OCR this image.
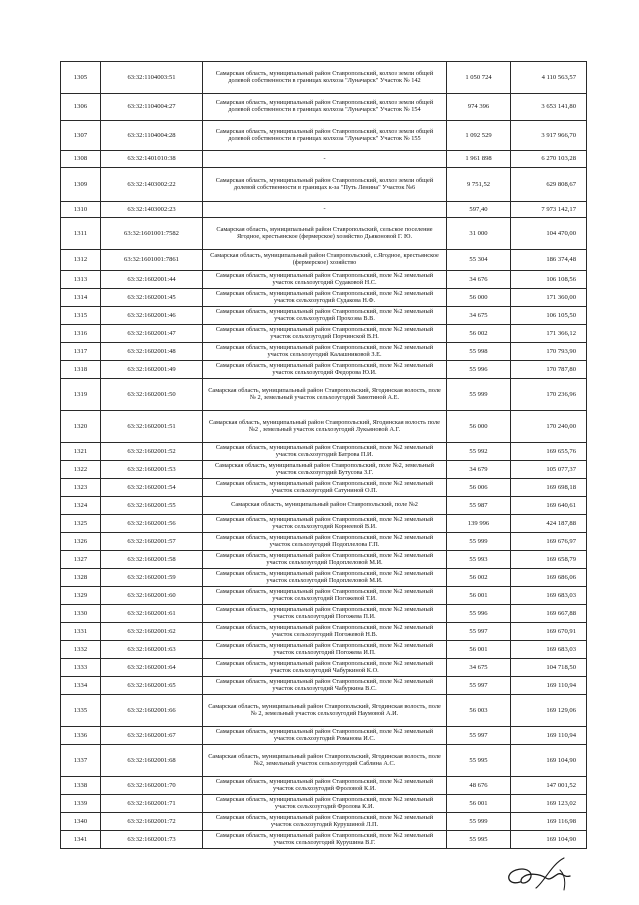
1305	63:32:1104003:51	Самарская область, муниципальный район Ставропольский, колхоз земли общей долевой собственности в границах колхоза "Луначарск" Участок № 142	1 050 724	4 110 563,57
1306	63:32:1104004:27	Самарская область, муниципальный район Ставропольский, колхоз земли общей долевой собственности в границах колхоза "Луначарск" Участок № 154	974 396	3 653 141,80
1307	63:32:1104004:28	Самарская область, муниципальный район Ставропольский, колхоз земли общей долевой собственности в границах колхоза "Луначарск" Участок № 155	1 092 529	3 917 966,70
1308	63:32:1401010:38	-	1 961 898	6 270 103,28
1309	63:32:1403002:22	Самарская область, муниципальный район Ставропольский, колхоз земли общей долевой собственности в границах к-за "Путь Ленина" Участок №6	9 751,52	629 808,67
1310	63:32:1403002:23	-	597,40	7 973 142,17
1311	63:32:1601001:7582	Самарская область, муниципальный район Ставропольский, сельское поселение Ягодное, крестьянское (фермерское) хозяйство Дьяконовой Г. Ю.	31 000	104 470,00
1312	63:32:1601001:7861	Самарская область, муниципальный район Ставропольский, с.Ягодное, крестьянское (фермерское) хозяйство	55 304	186 374,48
1313	63:32:1602001:44	Самарская область, муниципальный район Ставропольский, поле №2 земельный участок сельхозугодий Судаковой Н.С.	34 676	106 108,56
1314	63:32:1602001:45	Самарская область, муниципальный район Ставропольский, поле №2 земельный участок сельхозугодий Судакова Н.Ф.	56 000	171 360,00
1315	63:32:1602001:46	Самарская область, муниципальный район Ставропольский, поле №2 земельный участок сельхозугодий Прохоэва В.В.	34 675	106 105,50
1316	63:32:1602001:47	Самарская область, муниципальный район Ставропольский, поле №2 земельный участок сельхозугодий Порчинской В.Н.	56 002	171 366,12
1317	63:32:1602001:48	Самарская область, муниципальный район Ставропольский, поле №2 земельный участок сельхозугодий Калашниковой З.Е.	55 998	170 793,90
1318	63:32:1602001:49	Самарская область, муниципальный район Ставропольский, поле №2 земельный участок сельхозугодий Федорова Ю.И.	55 996	170 787,80
1319	63:32:1602001:50	Самарская область, муниципальный район Ставропольский, Ягодинская волость, поле № 2, земельный участок сельхозугодий Замотиной А.Е.	55 999	170 236,96
1320	63:32:1602001:51	Самарская область, муниципальный район Ставропольский, Ягодинская волость поле №2 , земельный участок сельхозугодий Лукьяновой А.Г.	56 000	170 240,00
1321	63:32:1602001:52	Самарская область, муниципальный район Ставропольский, поле №2 земельный участок сельхозугодий Батрова П.И.	55 992	169 655,76
1322	63:32:1602001:53	Самарская область, муниципальный район Ставропольский, поле №2, земельный участок сельхозугодий Бутусова З.Г.	34 679	105 077,37
1323	63:32:1602001:54	Самарская область, муниципальный район Ставропольский, поле №2 земельный участок сельхозугодий Сатуниной О.П.	56 006	169 698,18
1324	63:32:1602001:55	Самарская область, муниципальный район Ставропольский, поле №2	55 987	169 640,61
1325	63:32:1602001:56	Самарская область, муниципальный район Ставропольский, поле №2 земельный участок сельхозугодий Корнеевой В.И.	139 996	424 187,88
1326	63:32:1602001:57	Самарская область, муниципальный район Ставропольский, поле №2 земельный участок сельхозугодий Подоплелова Г.П.	55 999	169 676,97
1327	63:32:1602001:58	Самарская область, муниципальный район Ставропольский, поле №2 земельный участок сельхозугодий Подоплеловой М.И.	55 993	169 658,79
1328	63:32:1602001:59	Самарская область, муниципальный район Ставропольский, поле №2 земельный участок сельхозугодий Подоплеловой М.И.	56 002	169 686,06
1329	63:32:1602001:60	Самарская область, муниципальный район Ставропольский, поле №2 земельный участок сельхозугодий Погожевой Т.И.	56 001	169 683,03
1330	63:32:1602001:61	Самарская область, муниципальный район Ставропольский, поле №2 земельный участок сельхозугодий Погожева П.И.	55 996	169 667,88
1331	63:32:1602001:62	Самарская область, муниципальный район Ставропольский, поле №2 земельный участок сельхозугодий Погожевой Н.В.	55 997	169 670,91
1332	63:32:1602001:63	Самарская область, муниципальный район Ставропольский, поле №2 земельный участок сельхозугодий Погожева И.П.	56 001	169 683,03
1333	63:32:1602001:64	Самарская область, муниципальный район Ставропольский, поле №2 земельный участок сельхозугодий Чабуркиной К.О.	34 675	104 718,50
1334	63:32:1602001:65	Самарская область, муниципальный район Ставропольский, поле №2 земельный участок сельхозугодий Чабуркина В.С.	55 997	169 110,94
1335	63:32:1602001:66	Самарская область, муниципальный район Ставропольский, Ягодинская волость, поле № 2, земельный участок сельхозугодий Наумовой А.И.	56 003	169 129,06
1336	63:32:1602001:67	Самарская область, муниципальный район Ставропольский, поле №2 земельный участок сельхозугодий Романова И.С.	55 997	169 110,94
1337	63:32:1602001:68	Самарская область, муниципальный район Ставропольский, Ягодинская волость, поле №2, земельный участок сельхозугодий Саблина А.С.	55 995	169 104,90
1338	63:32:1602001:70	Самарская область, муниципальный район Ставропольский, поле №2 земельный участок сельхозугодий Фроловой К.И.	48 676	147 001,52
1339	63:32:1602001:71	Самарская область, муниципальный район Ставропольский, поле №2 земельный участок сельхозугодий Фролова К.И.	56 001	169 123,02
1340	63:32:1602001:72	Самарская область, муниципальный район Ставропольский, поле №2 земельный участок сельхозугодий Курушиной Л.П.	55 999	169 116,98
1341	63:32:1602001:73	Самарская область, муниципальный район Ставропольский, поле №2 земельный участок сельхозугодий Курушина В.Г.	55 995	169 104,90
